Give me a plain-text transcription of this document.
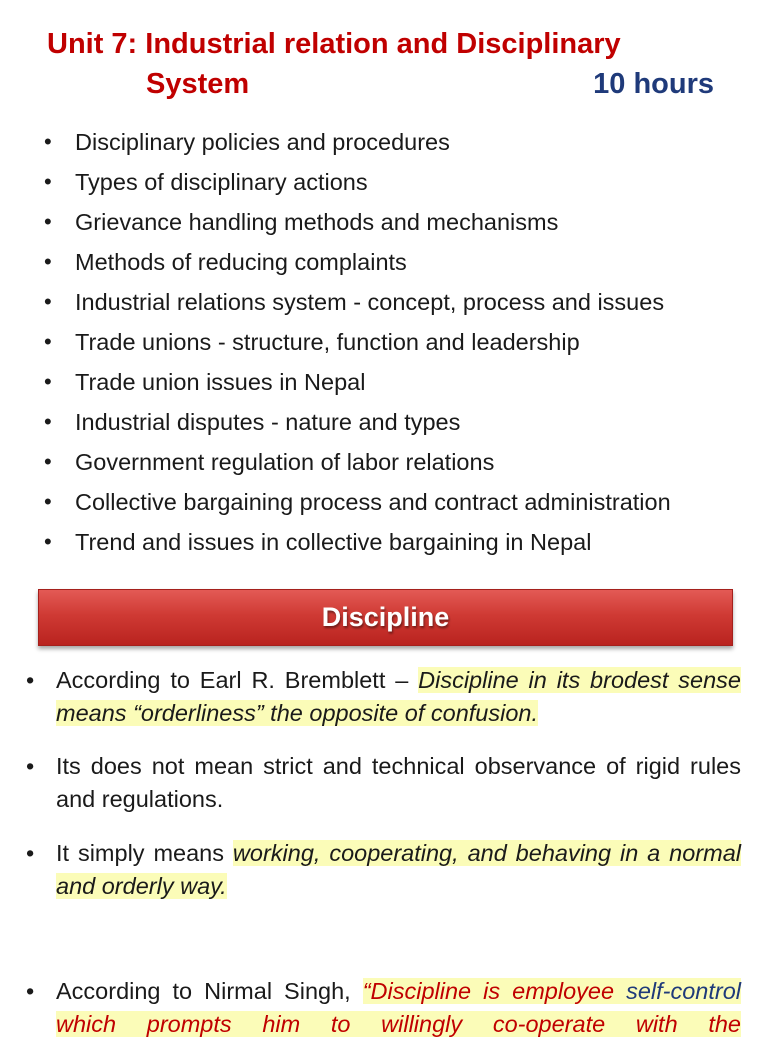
Unit 7: Industrial relation and Disciplinary
System	10 hours
• Disciplinary policies and procedures
• Types of disciplinary actions
• Grievance handling methods and mechanisms
• Methods of reducing complaints
• Industrial relations system - concept, process and issues
• Trade unions - structure, function and leadership
• Trade union issues in Nepal
• Industrial disputes - nature and types
• Government regulation of labor relations
• Collective bargaining process and contract administration
• Trend and issues in collective bargaining in Nepal
Discipline
• According to Earl R. Bremblett – Discipline in its brodest sense means “orderliness” the opposite of confusion.
• Its does not mean strict and technical observance of rigid rules and regulations.
• It simply means working, cooperating, and behaving in a normal and orderly way.
• According to Nirmal Singh, “Discipline is employee self-control which prompts him to willingly co-operate with the
